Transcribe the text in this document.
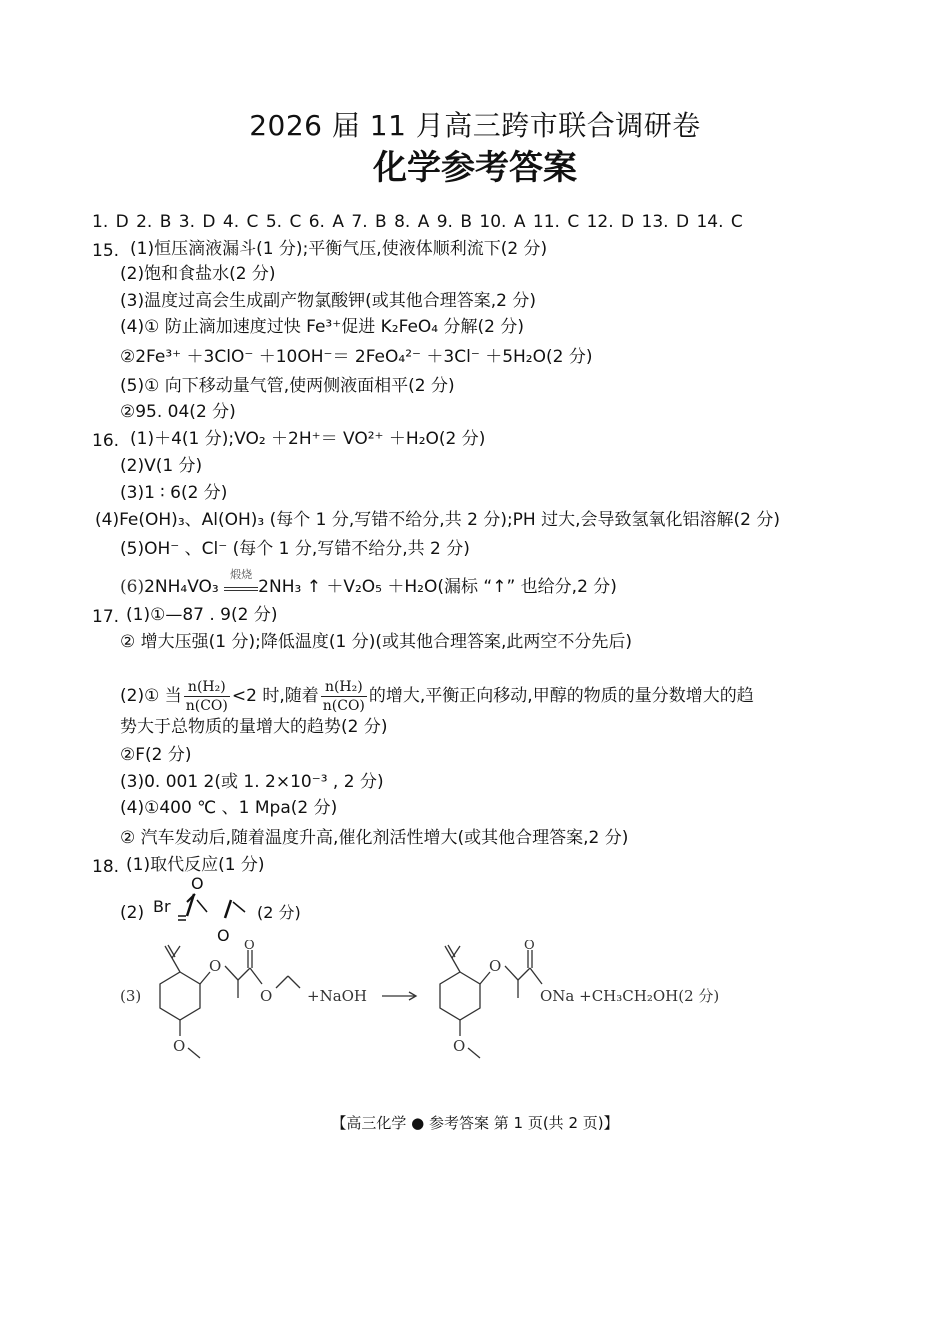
2026 届 11 月高三跨市联合调研卷
化学参考答案
1. D 2. B 3. D 4. C 5. C 6. A 7. B 8. A 9. B 10. A 11. C 12. D 13. D 14. C
15. (1)恒压滴液漏斗(1 分);平衡气压,使液体顺利流下(2 分)
(2)饱和食盐水(2 分)
(3)温度过高会生成副产物氯酸钾(或其他合理答案,2 分)
(4)① 防止滴加速度过快 Fe³⁺促进 K₂FeO₄ 分解(2 分)
②2Fe³⁺ ＋3ClO⁻ ＋10OH⁻＝ 2FeO₄²⁻ ＋3Cl⁻ ＋5H₂O(2 分)
(5)① 向下移动量气管,使两侧液面相平(2 分)
②95. 04(2 分)
16. (1)＋4(1 分);VO₂ ＋2H⁺＝ VO²⁺ ＋H₂O(2 分)
(2)V(1 分)
(3)1 ∶ 6(2 分)
(4)Fe(OH)₃、Al(OH)₃ (每个 1 分,写错不给分,共 2 分);PH 过大,会导致氢氧化铝溶解(2 分)
(5)OH⁻ 、Cl⁻ (每个 1 分,写错不给分,共 2 分)
(6)2NH₄VO₃
煅烧
2NH₃ ↑ ＋V₂O₅ ＋H₂O(漏标 “↑” 也给分,2 分)
17. (1)①—87 . 9(2 分)
② 增大压强(1 分);降低温度(1 分)(或其他合理答案,此两空不分先后)
(2)① 当 $\frac{\text{n(H₂)}}{n(CO)} <2$ 时,随着 $\frac{\text{n(H₂)}}{n(CO)}$ 的增大,平衡正向移动,甲醇的物质的量分数增大的趋
势大于总物质的量增大的趋势(2 分)
②F(2 分)
(3)0. 001 2(或 1. 2×10⁻³ , 2 分)
(4)①400 ℃ 、1 Mpa(2 分)
② 汽车发动后,随着温度升高,催化剂活性增大(或其他合理答案,2 分)
18. (1)取代反应(1 分)
(2) Br
O
O
(2 分)
(3)
O
O
O
O
+NaOH
O
O
O
ONa +CH₃CH₂OH(2 分)
【高三化学 ● 参考答案 第 1 页(共 2 页)】
